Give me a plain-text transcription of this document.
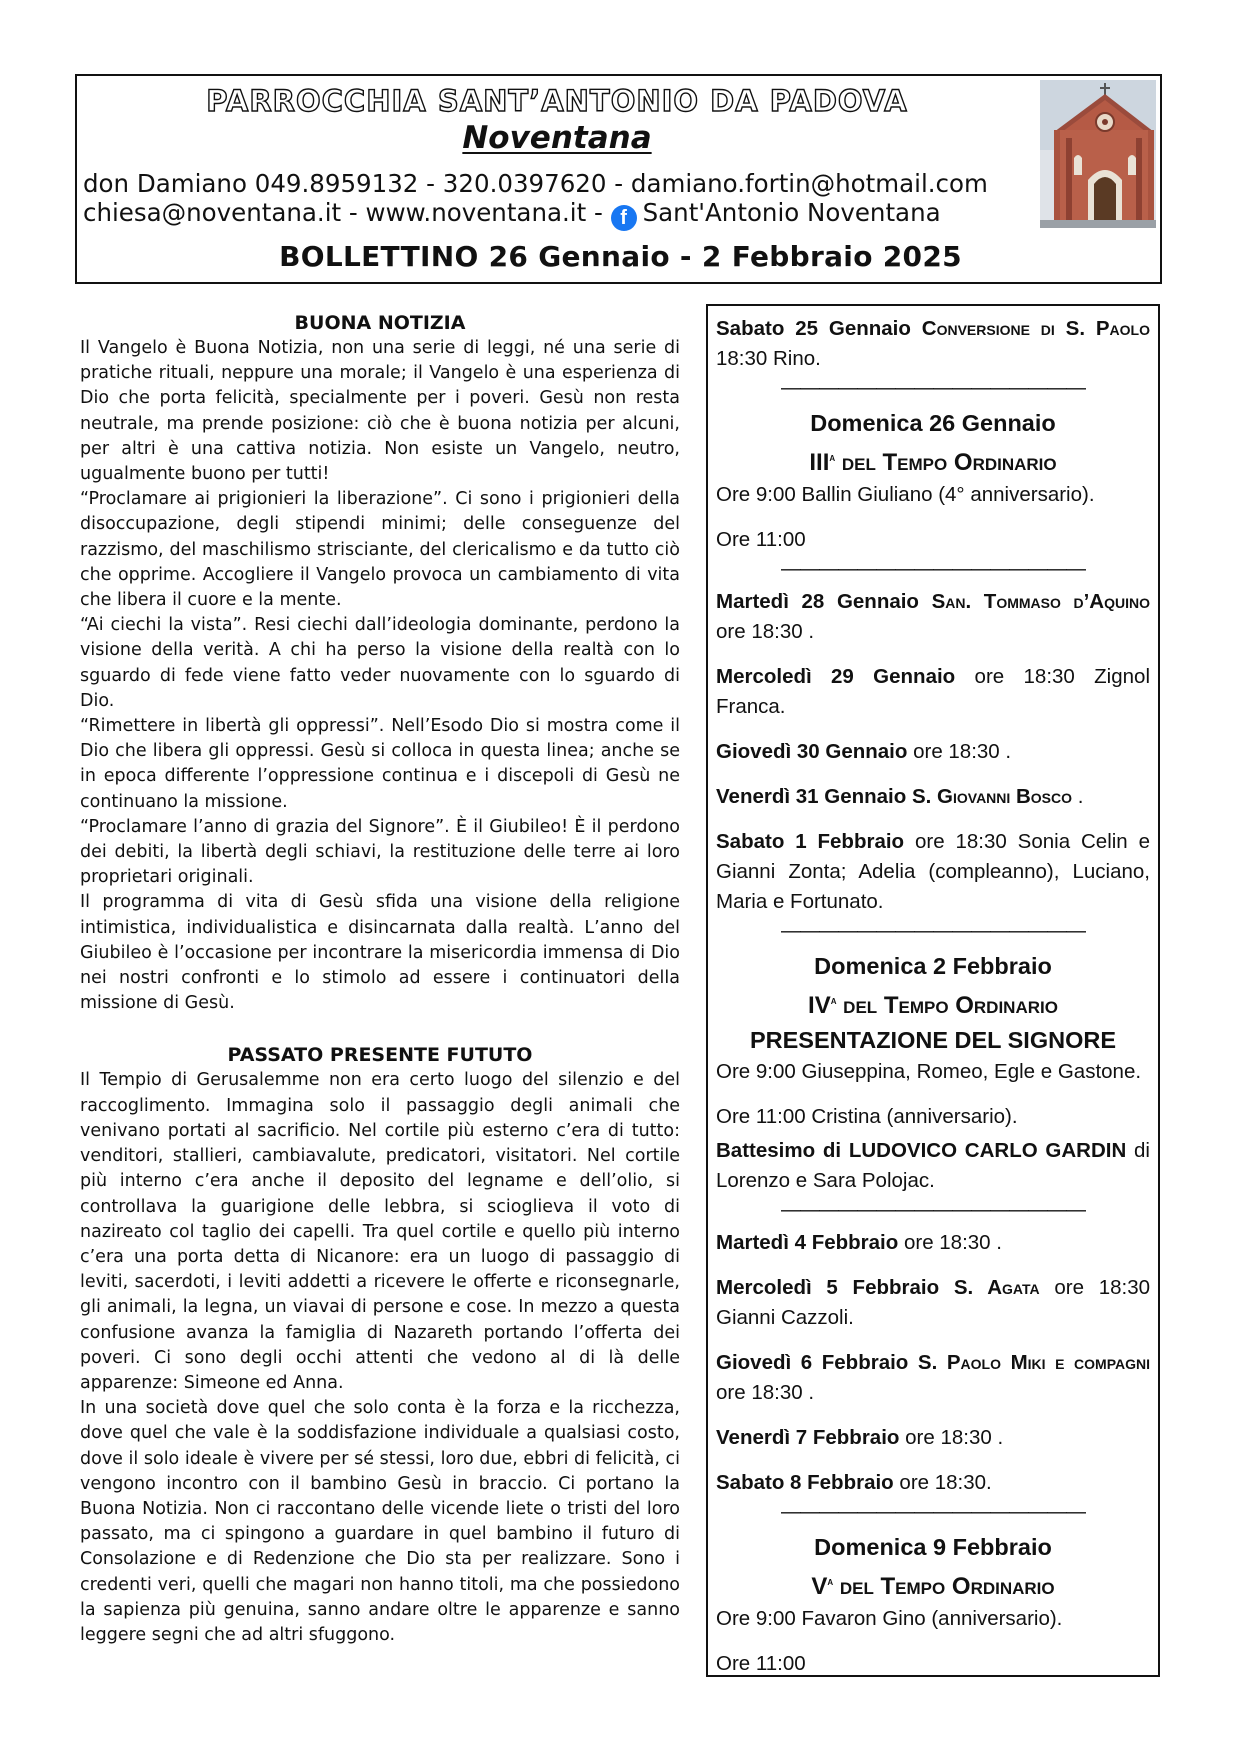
PARROCCHIA SANT’ANTONIO DA PADOVA
Noventana
don Damiano 049.8959132 - 320.0397620 - damiano.fortin@hotmail.com
chiesa@noventana.it - www.noventana.it - f Sant'Antonio Noventana
BOLLETTINO 26 Gennaio - 2 Febbraio 2025

BUONA NOTIZIA

Il Vangelo è Buona Notizia, non una serie di leggi, né una serie di pratiche rituali, neppure una morale; il Vangelo è una esperienza di Dio che porta felicità, specialmente per i poveri. Gesù non resta neutrale, ma prende posizione: ciò che è buona notizia per alcuni, per altri è una cattiva notizia. Non esiste un Vangelo, neutro, ugualmente buono per tutti!

“Proclamare ai prigionieri la liberazione”. Ci sono i prigionieri della disoccupazione, degli stipendi minimi; delle conseguenze del razzismo, del maschilismo strisciante, del clericalismo e da tutto ciò che opprime. Accogliere il Vangelo provoca un cambiamento di vita che libera il cuore e la mente.

“Ai ciechi la vista”. Resi ciechi dall’ideologia dominante, perdono la visione della verità. A chi ha perso la visione della realtà con lo sguardo di fede viene fatto veder nuovamente con lo sguardo di Dio.

“Rimettere in libertà gli oppressi”. Nell’Esodo Dio si mostra come il Dio che libera gli oppressi. Gesù si colloca in questa linea; anche se in epoca differente l’oppressione continua e i discepoli di Gesù ne continuano la missione.

“Proclamare l’anno di grazia del Signore”. È il Giubileo! È il perdono dei debiti, la libertà degli schiavi, la restituzione delle terre ai loro proprietari originali.

Il programma di vita di Gesù sfida una visione della religione intimistica, individualistica e disincarnata dalla realtà. L’anno del Giubileo è l’occasione per incontrare la misericordia immensa di Dio nei nostri confronti e lo stimolo ad essere i continuatori della missione di Gesù.

PASSATO PRESENTE FUTUTO

Il Tempio di Gerusalemme non era certo luogo del silenzio e del raccoglimento. Immagina solo il passaggio degli animali che venivano portati al sacrificio. Nel cortile più esterno c’era di tutto: venditori, stallieri, cambiavalute, predicatori, visitatori. Nel cortile più interno c’era anche il deposito del legname e dell’olio, si controllava la guarigione delle lebbra, si scioglieva il voto di nazireato col taglio dei capelli. Tra quel cortile e quello più interno c’era una porta detta di Nicanore: era un luogo di passaggio di leviti, sacerdoti, i leviti addetti a ricevere le offerte e riconsegnarle, gli animali, la legna, un viavai di persone e cose. In mezzo a questa confusione avanza la famiglia di Nazareth portando l’offerta dei poveri. Ci sono degli occhi attenti che vedono al di là delle apparenze: Simeone ed Anna.

In una società dove quel che solo conta è la forza e la ricchezza, dove quel che vale è la soddisfazione individuale a qualsiasi costo, dove il solo ideale è vivere per sé stessi, loro due, ebbri di felicità, ci vengono incontro con il bambino Gesù in braccio. Ci portano la Buona Notizia. Non ci raccontano delle vicende liete o tristi del loro passato, ma ci spingono a guardare in quel bambino il futuro di Consolazione e di Redenzione che Dio sta per realizzare. Sono i credenti veri, quelli che magari non hanno titoli, ma che possiedono la sapienza più genuina, sanno andare oltre le apparenze e sanno leggere segni che ad altri sfuggono.

Sabato 25 Gennaio Conversione di S. Paolo 18:30 Rino.

————————————————

Domenica 26 Gennaio

III$^a$ del Tempo Ordinario

Ore 9:00 Ballin Giuliano (4° anniversario).

Ore 11:00

————————————————

Martedì 28 Gennaio San. Tommaso d’Aquino ore 18:30 .

Mercoledì 29 Gennaio ore 18:30 Zignol Franca.

Giovedì 30 Gennaio ore 18:30 .

Venerdì 31 Gennaio S. Giovanni Bosco .

Sabato 1 Febbraio ore 18:30 Sonia Celin e Gianni Zonta; Adelia (compleanno), Luciano, Maria e Fortunato.

————————————————

Domenica 2 Febbraio

$IV^a$ del Tempo Ordinario

PRESENTAZIONE DEL SIGNORE

Ore 9:00 Giuseppina, Romeo, Egle e Gastone.

Ore 11:00 Cristina (anniversario).

Battesimo di LUDOVICO CARLO GARDIN di Lorenzo e Sara Polojac.

————————————————

Martedì 4 Febbraio ore 18:30 .

Mercoledì 5 Febbraio S. Agata ore 18:30 Gianni Cazzoli.

Giovedì 6 Febbraio S. Paolo Miki e compagni ore 18:30 .

Venerdì 7 Febbraio ore 18:30 .

Sabato 8 Febbraio ore 18:30.

————————————————

Domenica 9 Febbraio

$V^a$ del Tempo Ordinario

Ore 9:00 Favaron Gino (anniversario).

Ore 11:00
